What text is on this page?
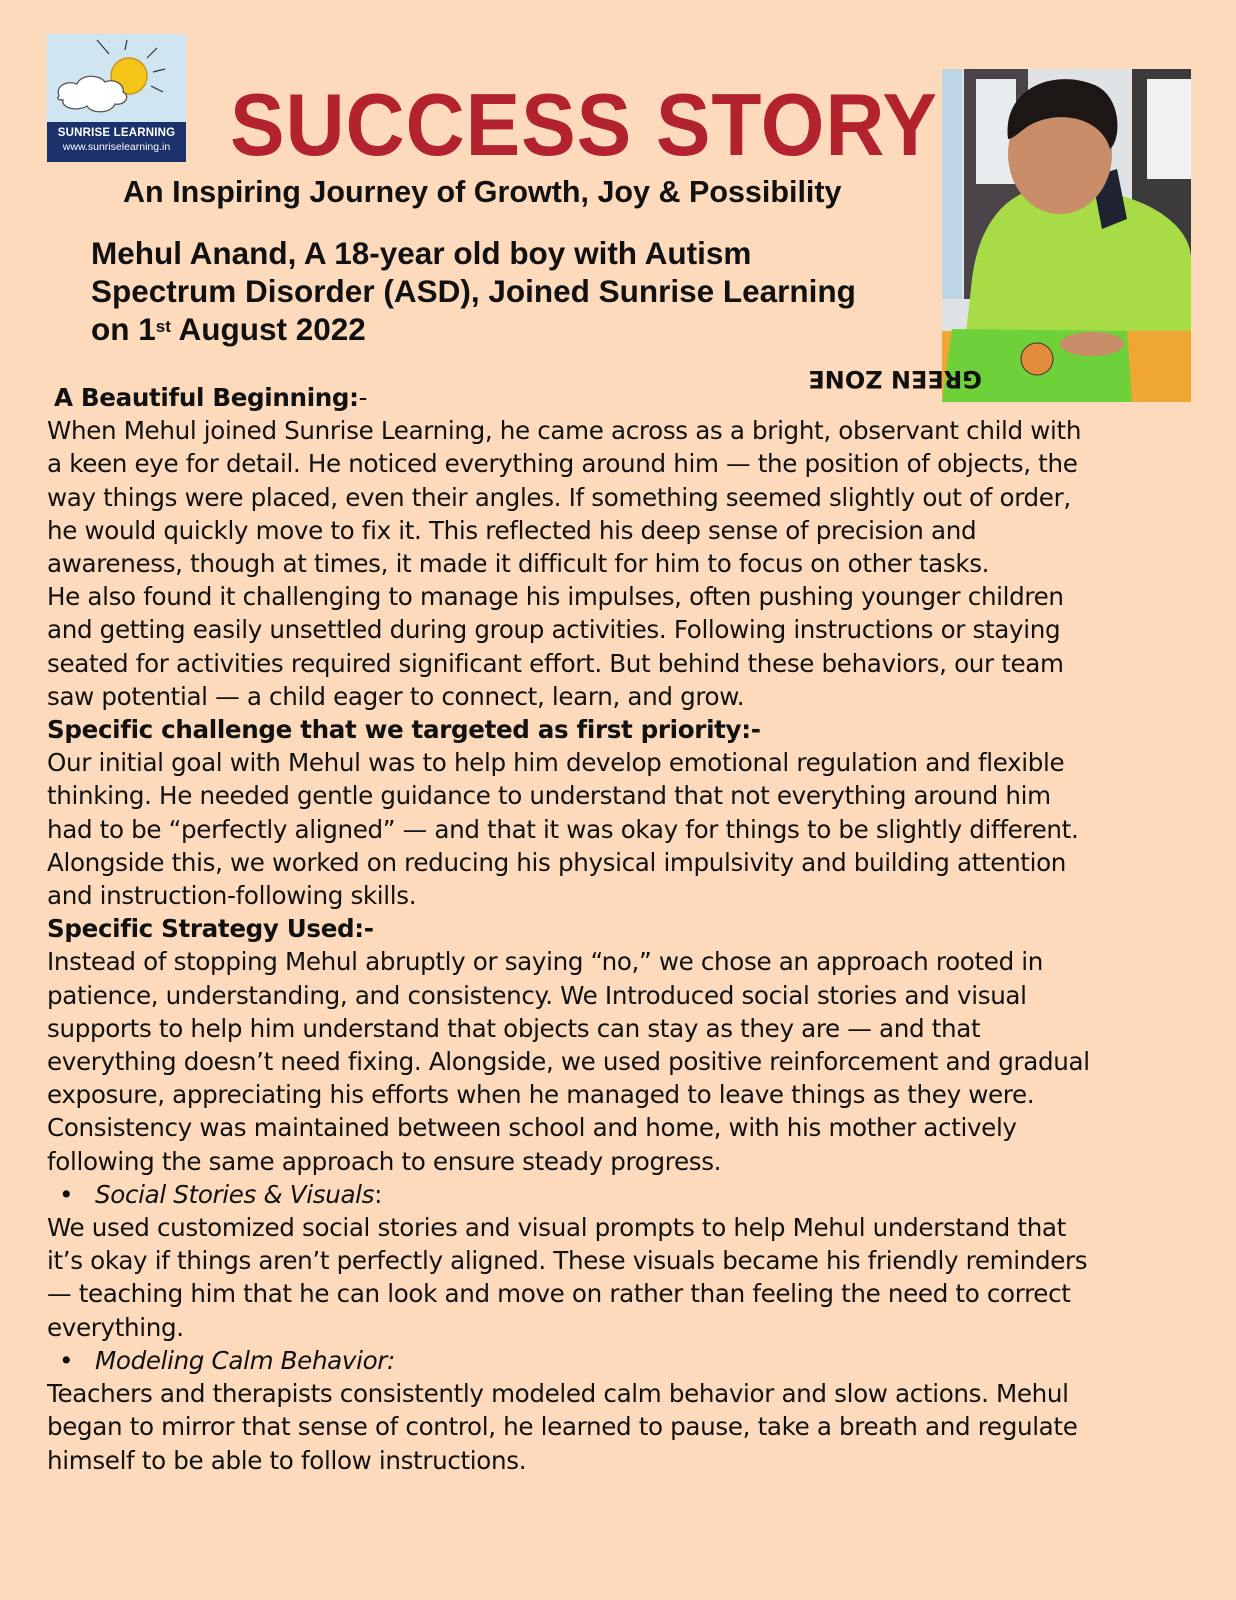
SUNRISE LEARNING
www.sunriselearning.in SUCCESS STORY
An Inspiring Journey of Growth, Joy & Possibility
Mehul Anand, A 18-year old boy with Autism
Spectrum Disorder (ASD), Joined Sunrise Learning
on 1st August 2022
GREEN ZONE
A Beautiful Beginning:-
When Mehul joined Sunrise Learning, he came across as a bright, observant child with
a keen eye for detail. He noticed everything around him — the position of objects, the
way things were placed, even their angles. If something seemed slightly out of order,
he would quickly move to fix it. This reflected his deep sense of precision and
awareness, though at times, it made it difficult for him to focus on other tasks.
He also found it challenging to manage his impulses, often pushing younger children
and getting easily unsettled during group activities. Following instructions or staying
seated for activities required significant effort. But behind these behaviors, our team
saw potential — a child eager to connect, learn, and grow.
Specific challenge that we targeted as first priority:-
Our initial goal with Mehul was to help him develop emotional regulation and flexible
thinking. He needed gentle guidance to understand that not everything around him
had to be “perfectly aligned” — and that it was okay for things to be slightly different.
Alongside this, we worked on reducing his physical impulsivity and building attention
and instruction-following skills.
Specific Strategy Used:-
Instead of stopping Mehul abruptly or saying “no,” we chose an approach rooted in
patience, understanding, and consistency. We Introduced social stories and visual
supports to help him understand that objects can stay as they are — and that
everything doesn’t need fixing. Alongside, we used positive reinforcement and gradual
exposure, appreciating his efforts when he managed to leave things as they were.
Consistency was maintained between school and home, with his mother actively
following the same approach to ensure steady progress.
• Social Stories & Visuals:
We used customized social stories and visual prompts to help Mehul understand that
it’s okay if things aren’t perfectly aligned. These visuals became his friendly reminders
— teaching him that he can look and move on rather than feeling the need to correct
everything.
• Modeling Calm Behavior:
Teachers and therapists consistently modeled calm behavior and slow actions. Mehul
began to mirror that sense of control, he learned to pause, take a breath and regulate
himself to be able to follow instructions.
